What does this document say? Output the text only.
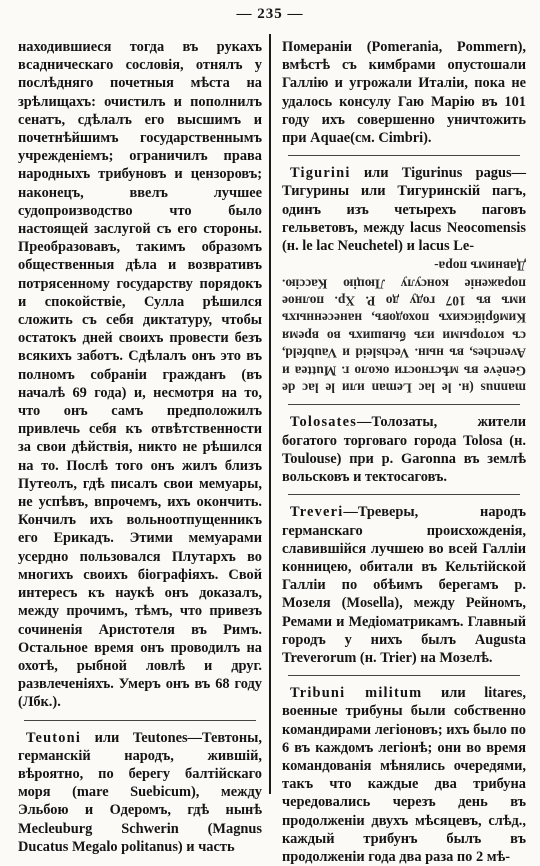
— 235 —

находившиеся тогда въ рукахъ всадническаго сословія, отнялъ у послѣдняго почетныя мѣста на зрѣлищахъ: очистилъ и пополнилъ сенатъ, сдѣлалъ его высшимъ и почетнѣйшимъ государственнымъ учрежденіемъ; ограничилъ права народныхъ трибуновъ и цензоровъ; наконецъ, ввелъ лучшее судопроизводство что было настоящей заслугой съ его стороны. Преобразовавъ, такимъ образомъ общественныя дѣла и возвративъ потрясенному государству порядокъ и спокойствіе, Сулла рѣшился сложить съ себя диктатуру, чтобы остатокъ дней своихъ провести безъ всякихъ заботъ. Сдѣлалъ онъ это въ полномъ собраніи гражданъ (въ началѣ 69 года) и, несмотря на то, что онъ самъ предположилъ привлечь себя къ отвѣтственности за свои дѣйствія, никто не рѣшился на то. Послѣ того онъ жилъ близъ Путеолъ, гдѣ писалъ свои мемуары, не успѣвъ, впрочемъ, ихъ окончить. Кончилъ ихъ вольноотпущенникъ его Ерикадъ. Этими мемуарами усердно пользовался Плутархъ во многихъ своихъ біографіяхъ. Свой интересъ къ наукѣ онъ доказалъ, между прочимъ, тѣмъ, что привезъ сочиненія Аристотеля въ Римъ. Остальное время онъ проводилъ на охотѣ, рыбной ловлѣ и друг. развлеченіяхъ. Умеръ онъ въ 68 году (Лбк.).

Teutoni или Teutones—Тевтоны, германскій народъ, жившій, вѣроятно, по берегу балтійскаго моря (mare Suebicum), между Эльбою и Одеромъ, гдѣ нынѣ Mecleuburg Schwerin (Magnus Ducatus Megalo politanus) и часть

Помераніи (Pomerania, Pommern), вмѣстѣ съ кимбрами опустошали Галлію и угрожали Италіи, пока не удалось консулу Гаю Марію въ 101 году ихъ совершенно уничтожить при Aquae(см. Cimbri).

Tigurini или Tigurinus pagus—Тигурины или Тигуринскій пагъ, одинъ изъ четырехъ паговъ гельветовъ, между lacus Neocomensis (н. le lac Neuchetel) и lacus Le-

mannus (н. le lac Leman или le lac de Genève въ мѣстности около г. Muttea и Avenches, въ нын. Vechsleid и Vaubfeld, съ которыми изъ бывшихъ во время Кимбрійскихъ походовъ, нанесенныхъ имъ въ 107 году до Р. Хр. полное пораженіе консулу Люцію Кассію. Давнимъ пора-

Tolosates—Толозаты, жители богатого торговаго города Tolosa (н. Toulouse) при р. Garonna въ землѣ вольсковъ и тектосаговъ.

Treveri—Треверы, народъ германскаго происхожденія, славившійся лучшею во всей Галліи конницею, обитали въ Кельтійской Галліи по обѣимъ берегамъ р. Мозеля (Mosella), между Рейномъ, Ремами и Медіоматрикамъ. Главный городъ у нихъ былъ Augusta Treverorum (н. Trier) на Мозелѣ.

Tribuni militum или litares, военные трибуны были собственно командирами легіоновъ; ихъ было по 6 въ каждомъ легіонѣ; они во время командованія мѣнялись очередями, такъ что каждые два трибуна чередовались черезъ день въ продолженіи двухъ мѣсяцевъ, слѣд., каждый трибунъ былъ въ продолженіи года два раза по 2 мѣ-
